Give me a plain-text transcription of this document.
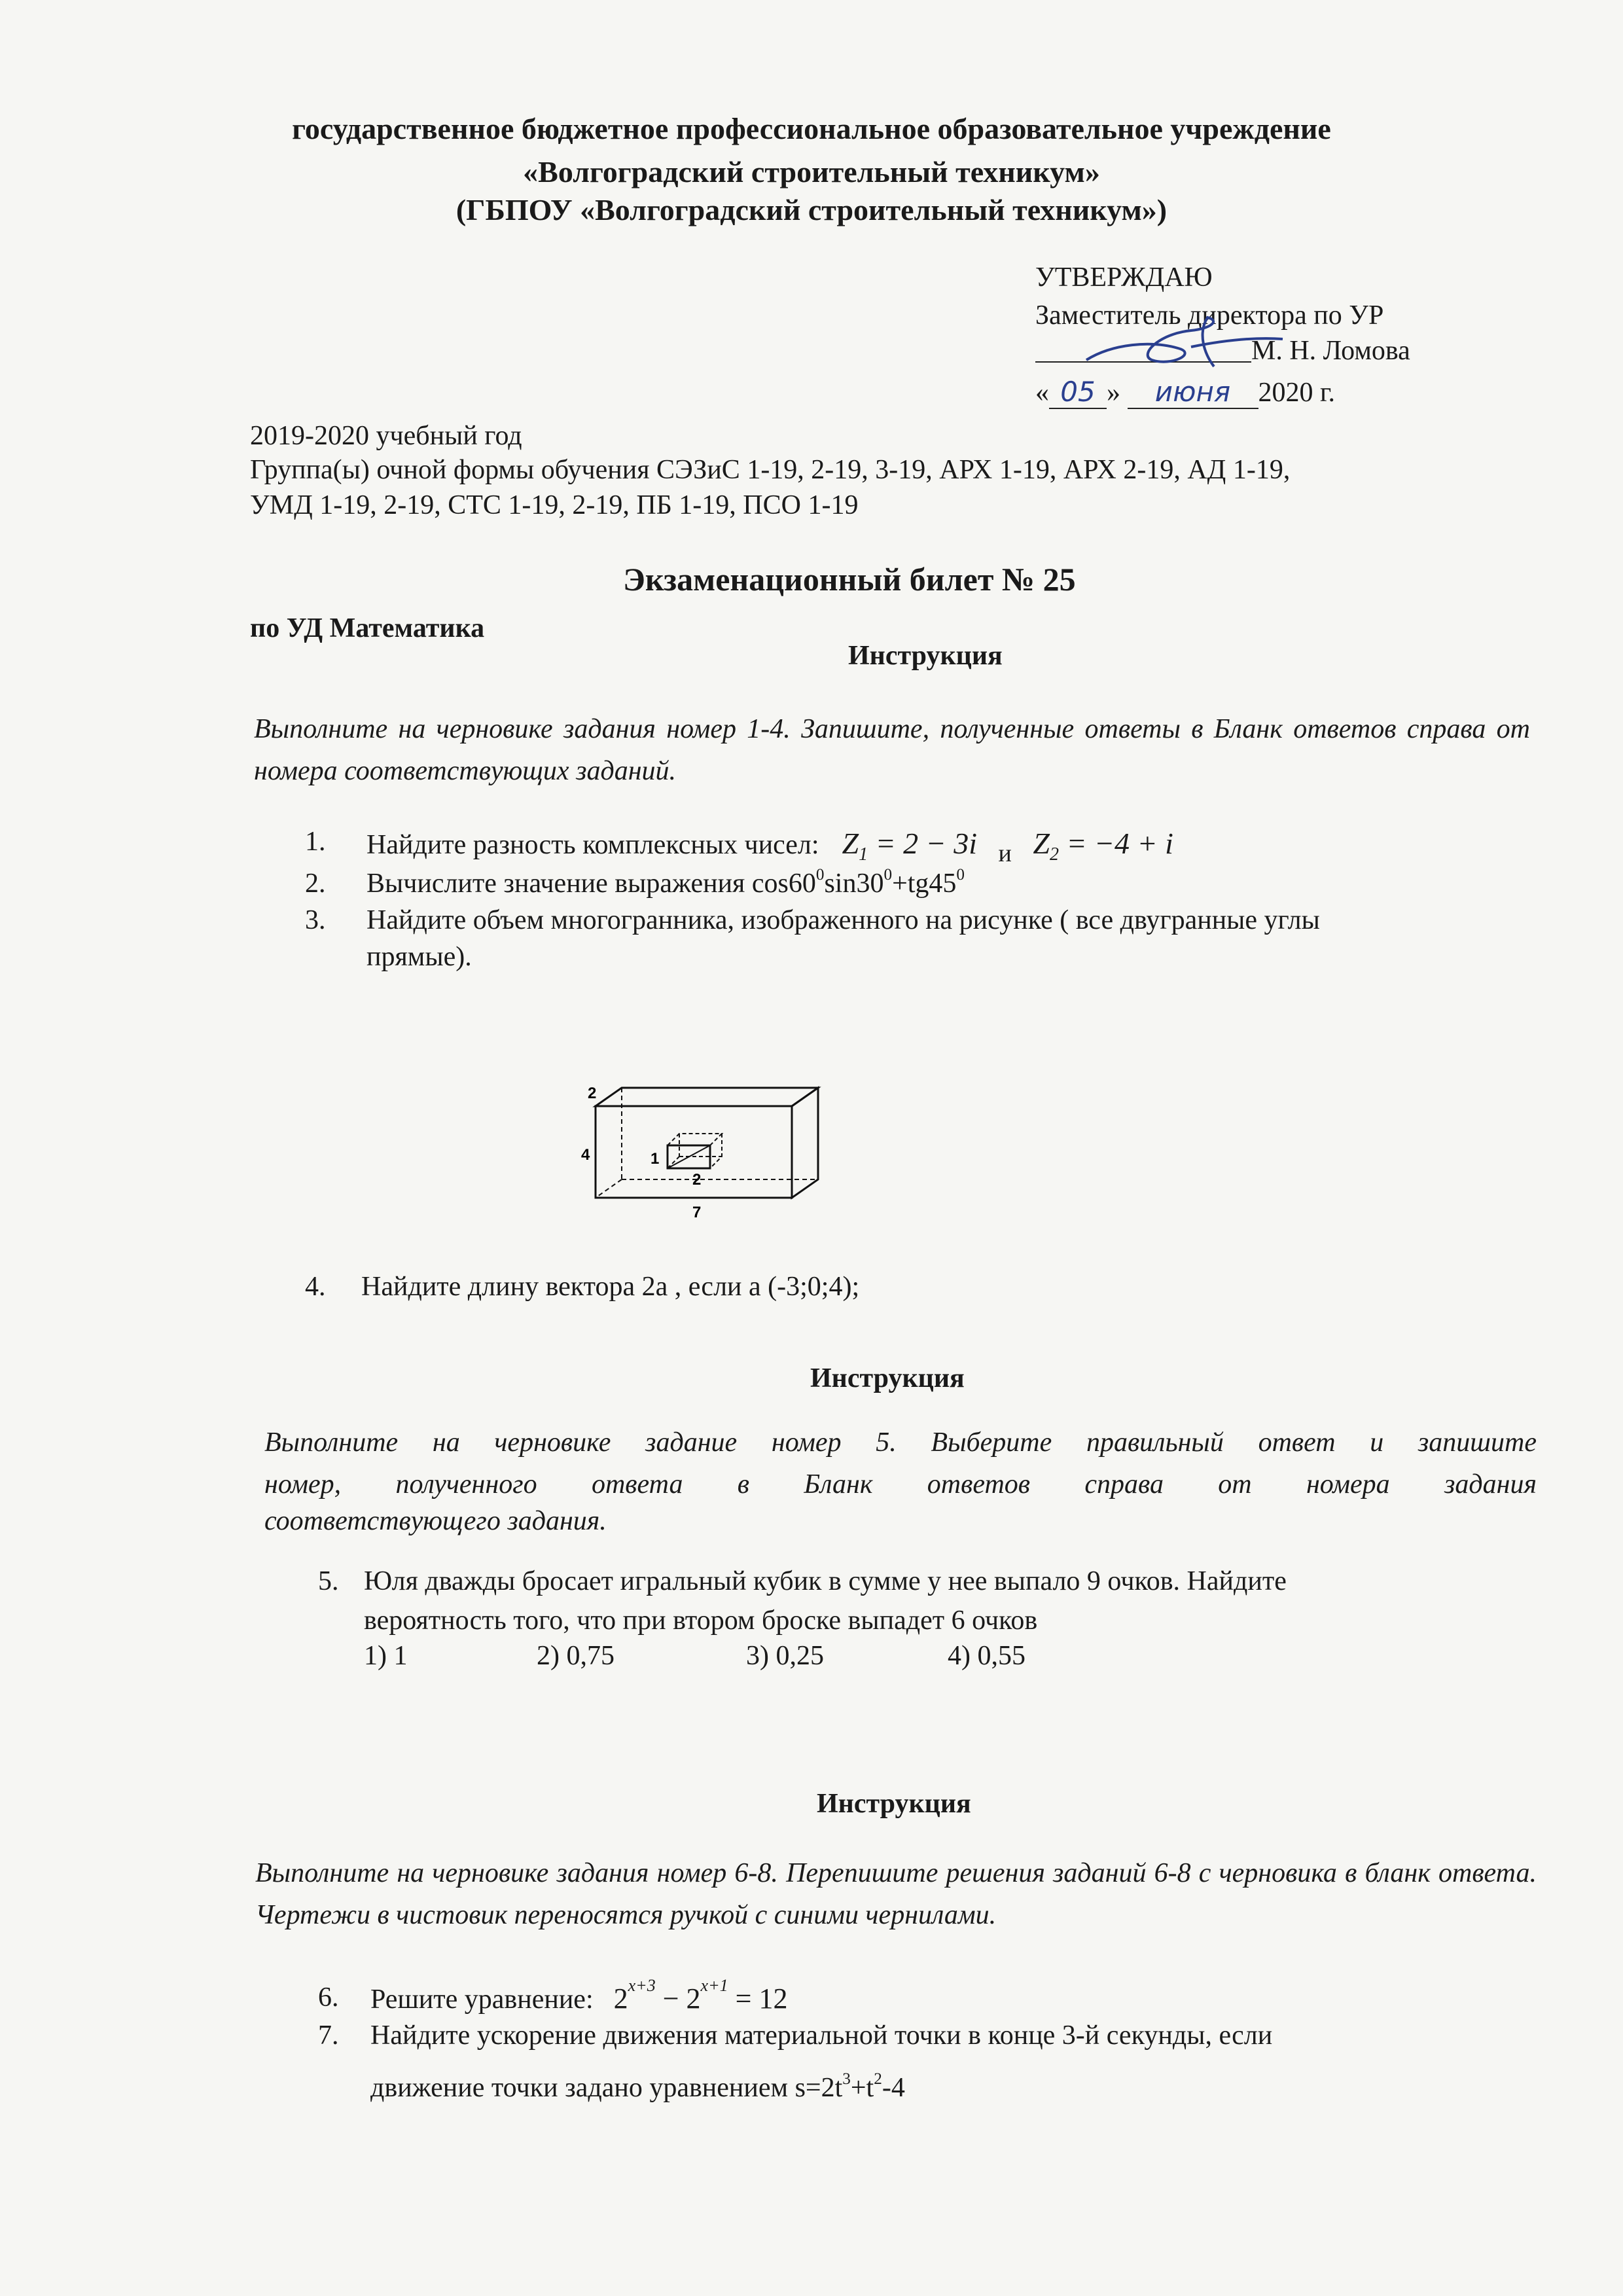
государственное бюджетное профессиональное образовательное учреждение
«Волгоградский строительный техникум»
(ГБПОУ «Волгоградский строительный техникум»)
УТВЕРЖДАЮ
Заместитель директора по УР
М. Н. Ломова
« 05 » июня 2020 г.
2019-2020 учебный год
Группа(ы) очной формы обучения СЭЗиС 1-19, 2-19, 3-19, АРХ 1-19, АРХ 2-19, АД 1-19,
УМД 1-19, 2-19, СТС 1-19, 2-19, ПБ 1-19, ПСО 1-19
Экзаменационный билет № 25
по УД Математика
Инструкция
Выполните на черновике задания номер 1-4. Запишите, полученные ответы в Бланк ответов справа от номера соответствующих заданий.
1. Найдите разность комплексных чисел: $Z_1 = 2 - 3i$ и $Z_2 = -4 + i$
2. Вычислите значение выражения $\cos 60^0\sin 30^0+tg45^0$
3. Найдите объем многогранника, изображенного на рисунке ( все двугранные углы
прямые).
2
4	1
2
7
4. Найдите длину вектора 2а , если а (-3;0;4);
Инструкция
Выполните на черновике задание номер 5. Выберите правильный ответ и запишите
номер, полученного ответа в Бланк ответов справа от номера задания
соответствующего задания.
5. Юля дважды бросает игральный кубик в сумме у нее выпало 9 очков. Найдите
вероятность того, что при втором броске выпадет 6 очков
1) 1	2) 0,75	3) 0,25	4) 0,55
Инструкция
Выполните на черновике задания номер 6-8. Перепишите решения заданий 6-8 с черновика в бланк ответа. Чертежи в чистовик переносятся ручкой с синими чернилами.
6. Решите уравнение: $2^{x+3} - 2^{x+1} = 12$
7. Найдите ускорение движения материальной точки в конце 3-й секунды, если
движение точки задано уравнением $s=2t^3+t^2-4$
